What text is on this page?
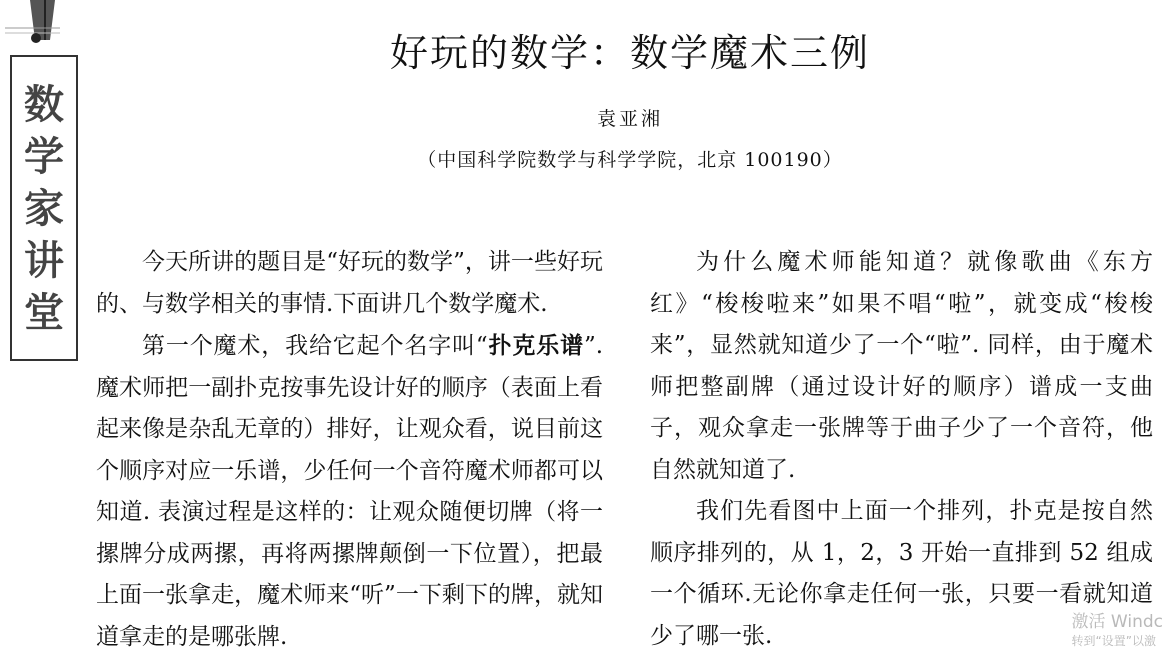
数
学
家
讲
堂
好玩的数学：数学魔术三例
袁亚湘
（中国科学院数学与科学学院，北京 100190）

今天所讲的题目是“好玩的数学”，讲一些好玩的、与数学相关的事情.下面讲几个数学魔术.

第一个魔术，我给它起个名字叫“扑克乐谱”.魔术师把一副扑克按事先设计好的顺序（表面上看起来像是杂乱无章的）排好，让观众看，说目前这个顺序对应一乐谱，少任何一个音符魔术师都可以知道. 表演过程是这样的：让观众随便切牌（将一摞牌分成两摞，再将两摞牌颠倒一下位置），把最上面一张拿走，魔术师来“听”一下剩下的牌，就知道拿走的是哪张牌.

为什么魔术师能知道？就像歌曲《东方红》“梭梭啦来”如果不唱“啦”，就变成“梭梭来”，显然就知道少了一个“啦”. 同样，由于魔术师把整副牌（通过设计好的顺序）谱成一支曲子，观众拿走一张牌等于曲子少了一个音符，他自然就知道了.

我们先看图中上面一个排列，扑克是按自然顺序排列的，从 1，2，3 开始一直排到 52 组成一个循环.无论你拿走任何一张，只要一看就知道少了哪一张.

激活 Windc
转到“设置”以激
